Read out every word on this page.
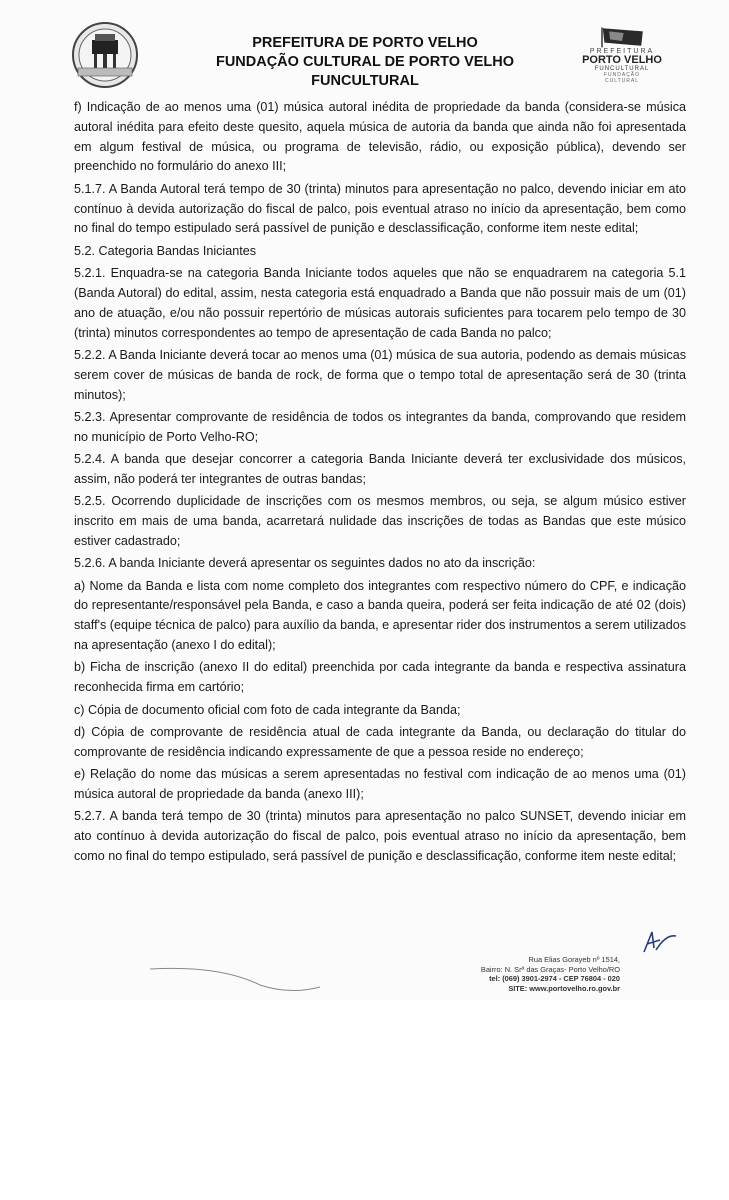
PREFEITURA DE PORTO VELHO
FUNDAÇÃO CULTURAL DE PORTO VELHO
FUNCULTURAL
PREFEITURA
PORTO VELHO
FUNCULTURAL
FUNDAÇÃO
CULTURAL

f) Indicação de ao menos uma (01) música autoral inédita de propriedade da banda (considera-se música autoral inédita para efeito deste quesito, aquela música de autoria da banda que ainda não foi apresentada em algum festival de música, ou programa de televisão, rádio, ou exposição pública), devendo ser preenchido no formulário do anexo III;

5.1.7. A Banda Autoral terá tempo de 30 (trinta) minutos para apresentação no palco, devendo iniciar em ato contínuo à devida autorização do fiscal de palco, pois eventual atraso no início da apresentação, bem como no final do tempo estipulado será passível de punição e desclassificação, conforme item neste edital;

5.2. Categoria Bandas Iniciantes

5.2.1. Enquadra-se na categoria Banda Iniciante todos aqueles que não se enquadrarem na categoria 5.1 (Banda Autoral) do edital, assim, nesta categoria está enquadrado a Banda que não possuir mais de um (01) ano de atuação, e/ou não possuir repertório de músicas autorais suficientes para tocarem pelo tempo de 30 (trinta) minutos correspondentes ao tempo de apresentação de cada Banda no palco;

5.2.2. A Banda Iniciante deverá tocar ao menos uma (01) música de sua autoria, podendo as demais músicas serem cover de músicas de banda de rock, de forma que o tempo total de apresentação será de 30 (trinta minutos);

5.2.3. Apresentar comprovante de residência de todos os integrantes da banda, comprovando que residem no município de Porto Velho-RO;

5.2.4. A banda que desejar concorrer a categoria Banda Iniciante deverá ter exclusividade dos músicos, assim, não poderá ter integrantes de outras bandas;

5.2.5. Ocorrendo duplicidade de inscrições com os mesmos membros, ou seja, se algum músico estiver inscrito em mais de uma banda, acarretará nulidade das inscrições de todas as Bandas que este músico estiver cadastrado;

5.2.6. A banda Iniciante deverá apresentar os seguintes dados no ato da inscrição:

a) Nome da Banda e lista com nome completo dos integrantes com respectivo número do CPF, e indicação do representante/responsável pela Banda, e caso a banda queira, poderá ser feita indicação de até 02 (dois) staff's (equipe técnica de palco) para auxílio da banda, e apresentar rider dos instrumentos a serem utilizados na apresentação (anexo I do edital);

b) Ficha de inscrição (anexo II do edital) preenchida por cada integrante da banda e respectiva assinatura reconhecida firma em cartório;

c) Cópia de documento oficial com foto de cada integrante da Banda;

d) Cópia de comprovante de residência atual de cada integrante da Banda, ou declaração do titular do comprovante de residência indicando expressamente de que a pessoa reside no endereço;

e) Relação do nome das músicas a serem apresentadas no festival com indicação de ao menos uma (01) música autoral de propriedade da banda (anexo III);

5.2.7. A banda terá tempo de 30 (trinta) minutos para apresentação no palco SUNSET, devendo iniciar em ato contínuo à devida autorização do fiscal de palco, pois eventual atraso no início da apresentação, bem como no final do tempo estipulado, será passível de punição e desclassificação, conforme item neste edital;

Rua Elias Gorayeb nº 1514,
Bairro: N. Srª das Graças- Porto Velho/RO
tel: (069) 3901-2974 - CEP 76804 - 020
SITE: www.portovelho.ro.gov.br
